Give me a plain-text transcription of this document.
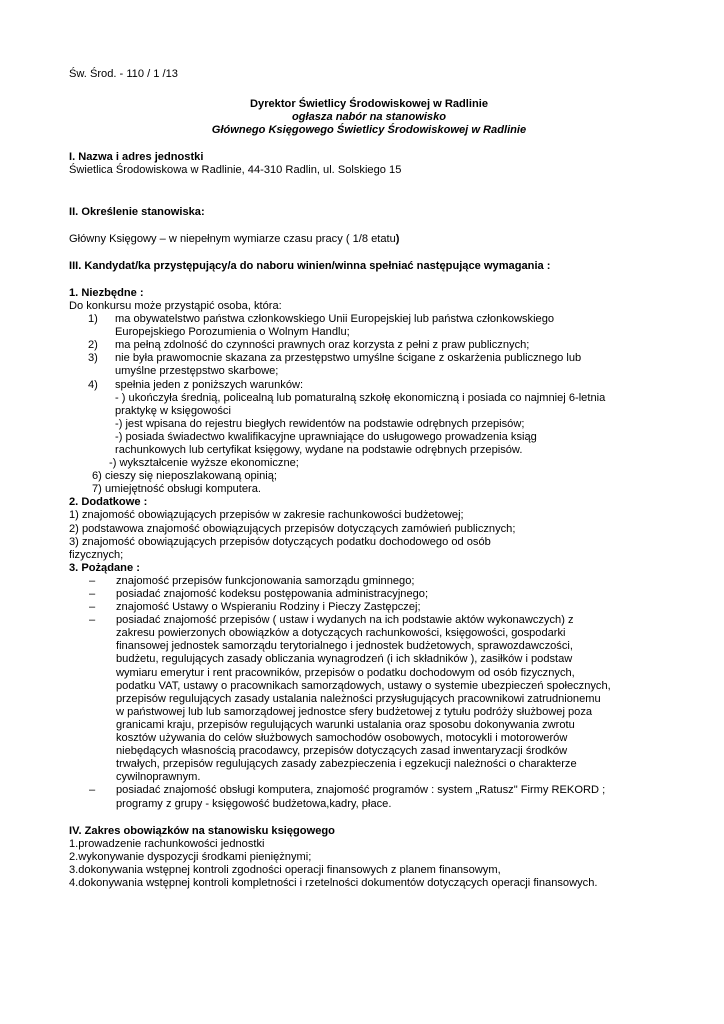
Św. Środ. - 110 / 1 /13
Dyrektor Świetlicy Środowiskowej w Radlinie
ogłasza nabór na stanowisko
Głównego Księgowego Świetlicy Środowiskowej w Radlinie
I. Nazwa i adres jednostki
Świetlica Środowiskowa w Radlinie, 44-310 Radlin, ul. Solskiego 15
II. Określenie stanowiska:
Główny Księgowy – w niepełnym wymiarze czasu pracy ( 1/8 etatu)
III. Kandydat/ka przystępujący/a do naboru winien/winna spełniać następujące wymagania :
1. Niezbędne :
Do konkursu może przystąpić osoba, która:
1)	ma obywatelstwo państwa członkowskiego Unii Europejskiej lub państwa członkowskiego
Europejskiego Porozumienia o Wolnym Handlu;
2)	ma pełną zdolność do czynności prawnych oraz korzysta z pełni z praw publicznych;
3)	nie była prawomocnie skazana za przestępstwo umyślne ścigane z oskarżenia publicznego lub
umyślne przestępstwo skarbowe;
4)	spełnia jeden z poniższych warunków:
- ) ukończyła średnią, policealną lub pomaturalną szkołę ekonomiczną i posiada co najmniej 6-letnia
praktykę w księgowości
-) jest wpisana do rejestru biegłych rewidentów na podstawie odrębnych przepisów;
-) posiada świadectwo kwalifikacyjne uprawniające do usługowego prowadzenia ksiąg
rachunkowych lub certyfikat księgowy, wydane na podstawie odrębnych przepisów.
-) wykształcenie wyższe ekonomiczne;
6) cieszy się nieposzlakowaną opinią;
7) umiejętność obsługi komputera.
2. Dodatkowe :
1) znajomość obowiązujących przepisów w zakresie rachunkowości budżetowej;
2) podstawowa znajomość obowiązujących przepisów dotyczących zamówień publicznych;
3) znajomość obowiązujących przepisów dotyczących podatku dochodowego od osób
fizycznych;
3. Pożądane :
– znajomość przepisów funkcjonowania samorządu gminnego;
– posiadać znajomość kodeksu postępowania administracyjnego;
– znajomość Ustawy o Wspieraniu Rodziny i Pieczy Zastępczej;
– posiadać znajomość przepisów ( ustaw i wydanych na ich podstawie aktów wykonawczych) z
zakresu powierzonych obowiązków a dotyczących rachunkowości, księgowości, gospodarki
finansowej jednostek samorządu terytorialnego i jednostek budżetowych, sprawozdawczości,
budżetu, regulujących zasady obliczania wynagrodzeń (i ich składników ), zasiłków i podstaw
wymiaru emerytur i rent pracowników, przepisów o podatku dochodowym od osób fizycznych,
podatku VAT, ustawy o pracownikach samorządowych, ustawy o systemie ubezpieczeń społecznych,
przepisów regulujących zasady ustalania należności przysługujących pracownikowi zatrudnionemu
w państwowej lub lub samorządowej jednostce sfery budżetowej z tytułu podróży służbowej poza
granicami kraju, przepisów regulujących warunki ustalania oraz sposobu dokonywania zwrotu
kosztów używania do celów służbowych samochodów osobowych, motocykli i motorowerów
niebędących własnością pracodawcy, przepisów dotyczących zasad inwentaryzacji środków
trwałych, przepisów regulujących zasady zabezpieczenia i egzekucji należności o charakterze
cywilnoprawnym.
– posiadać znajomość obsługi komputera, znajomość programów : system „Ratusz" Firmy REKORD ;
programy z grupy - księgowość budżetowa,kadry, płace.
IV. Zakres obowiązków na stanowisku księgowego
1.prowadzenie rachunkowości jednostki
2.wykonywanie dyspozycji środkami pieniężnymi;
3.dokonywania wstępnej kontroli zgodności operacji finansowych z planem finansowym,
4.dokonywania wstępnej kontroli kompletności i rzetelności dokumentów dotyczących operacji finansowych.
